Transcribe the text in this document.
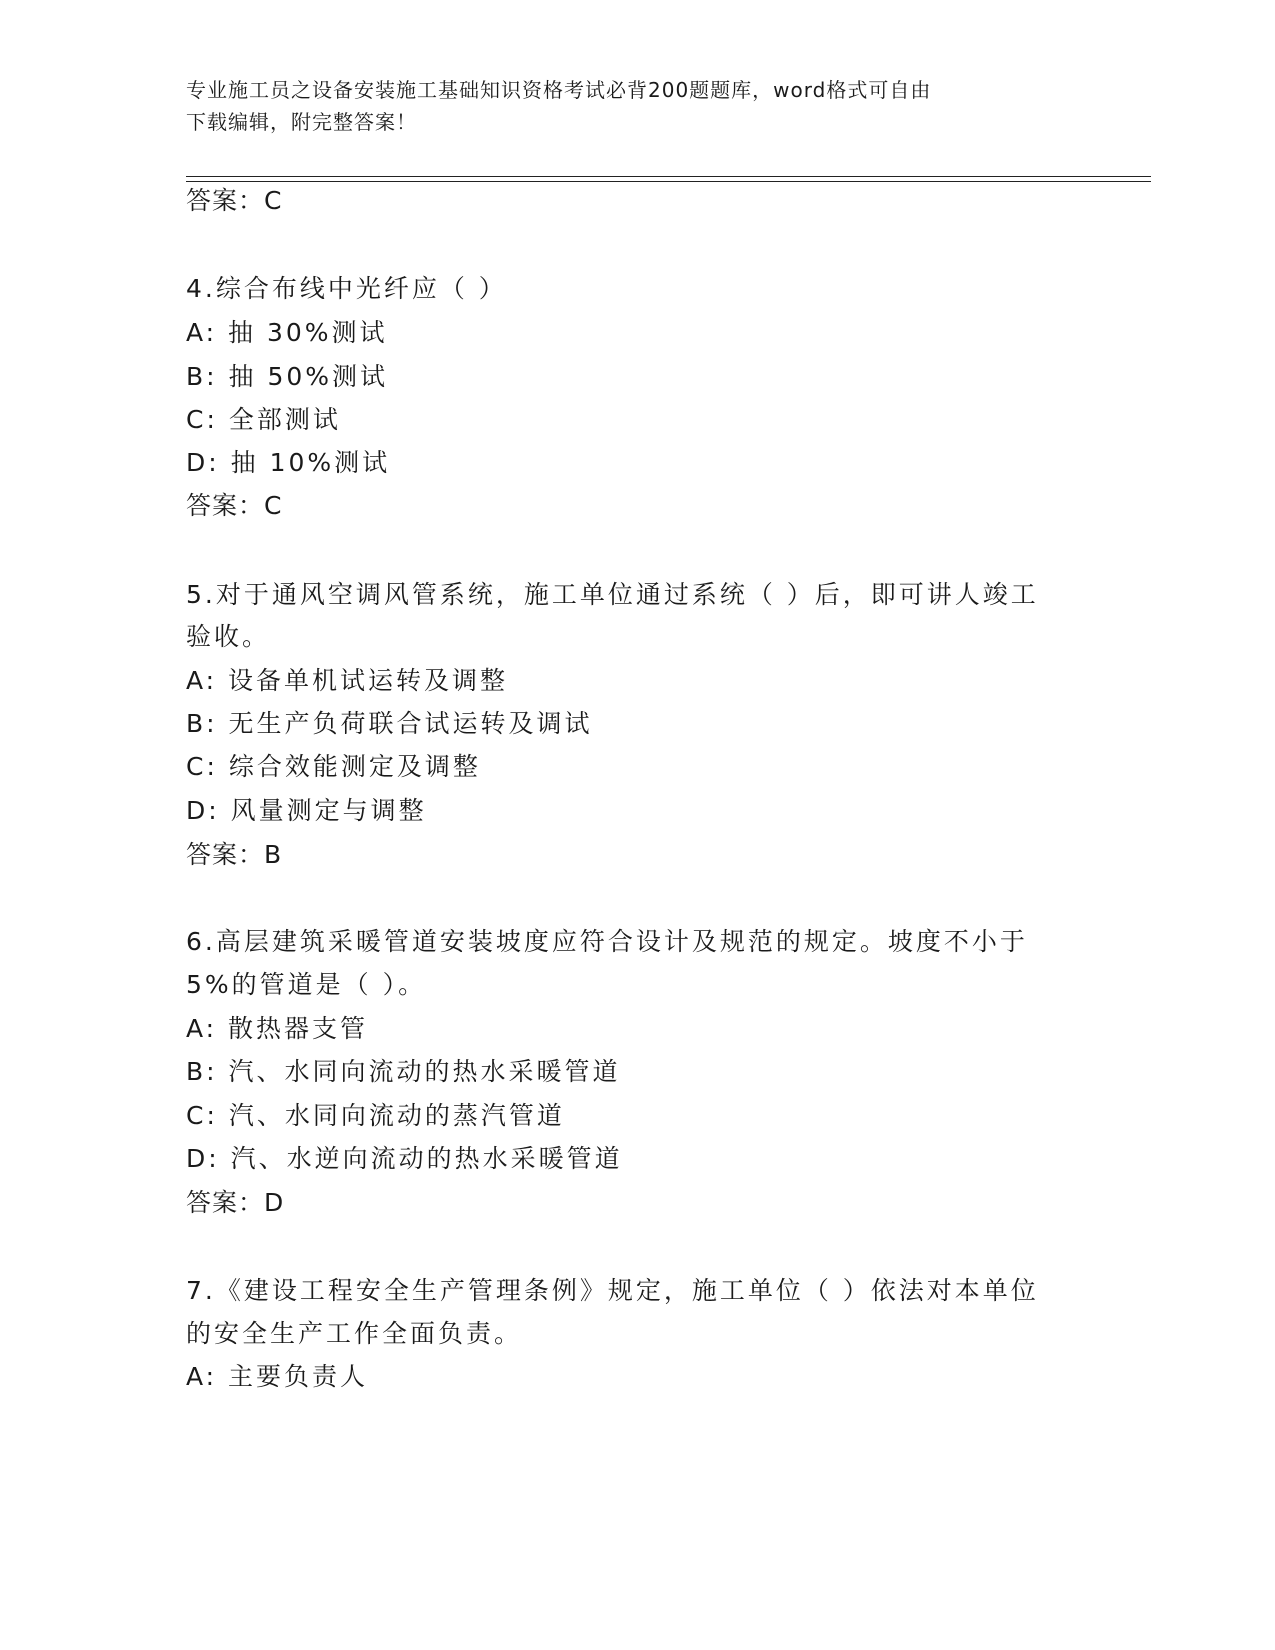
专业施工员之设备安装施工基础知识资格考试必背200题题库，word格式可自由
下载编辑，附完整答案！
答案：C
4.综合布线中光纤应（ ）
A: 抽 30%测试
B: 抽 50%测试
C: 全部测试
D: 抽 10%测试
答案：C
5.对于通风空调风管系统，施工单位通过系统（ ）后，即可讲人竣工
验收。
A: 设备单机试运转及调整
B: 无生产负荷联合试运转及调试
C: 综合效能测定及调整
D: 风量测定与调整
答案：B
6.高层建筑采暖管道安装坡度应符合设计及规范的规定。坡度不小于
5%的管道是（ ）。
A: 散热器支管
B: 汽、水同向流动的热水采暖管道
C: 汽、水同向流动的蒸汽管道
D: 汽、水逆向流动的热水采暖管道
答案：D
7.《建设工程安全生产管理条例》规定，施工单位（ ）依法对本单位
的安全生产工作全面负责。
A: 主要负责人
